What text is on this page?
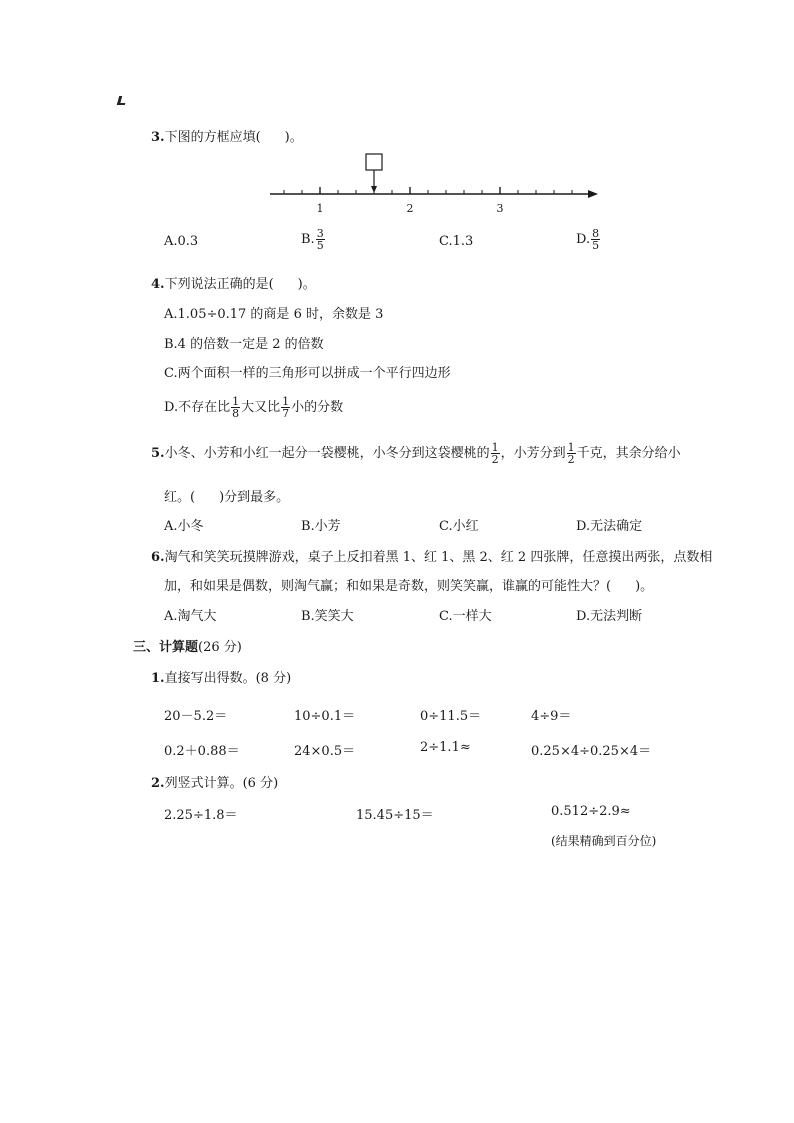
3.下图的方框应填( )。
1	2	3
A.0.3	B. $\frac{3}{5}$	C.1.3	D. $\frac{8}{5}$
4.下列说法正确的是( )。
A.1.05÷0.17 的商是 6 时，余数是 3
B.4 的倍数一定是 2 的倍数
C.两个面积一样的三角形可以拼成一个平行四边形
D.不存在比 $\frac{1}{8}$ 大又比 $\frac{1}{7}$ 小的分数
5.小冬、小芳和小红一起分一袋樱桃，小冬分到这袋樱桃的 $\frac{1}{2}$ ，小芳分到 $\frac{1}{2}$ 千克，其余分给小
红。( )分到最多。
A.小冬	B.小芳	C.小红	D.无法确定
6.淘气和笑笑玩摸牌游戏，桌子上反扣着黑 1、红 1、黑 2、红 2 四张牌，任意摸出两张，点数相
加，和如果是偶数，则淘气赢；和如果是奇数，则笑笑赢，谁赢的可能性大？( )。
A.淘气大	B.笑笑大	C.一样大	D.无法判断
三、计算题(26 分)
1.直接写出得数。(8 分)
20－5.2＝	10÷0.1＝	0÷11.5＝	4÷9＝
0.2＋0.88＝	24×0.5＝	2÷1.1≈	0.25×4÷0.25×4＝
2.列竖式计算。(6 分)
2.25÷1.8＝	15.45÷15＝	0.512÷2.9≈
(结果精确到百分位)
